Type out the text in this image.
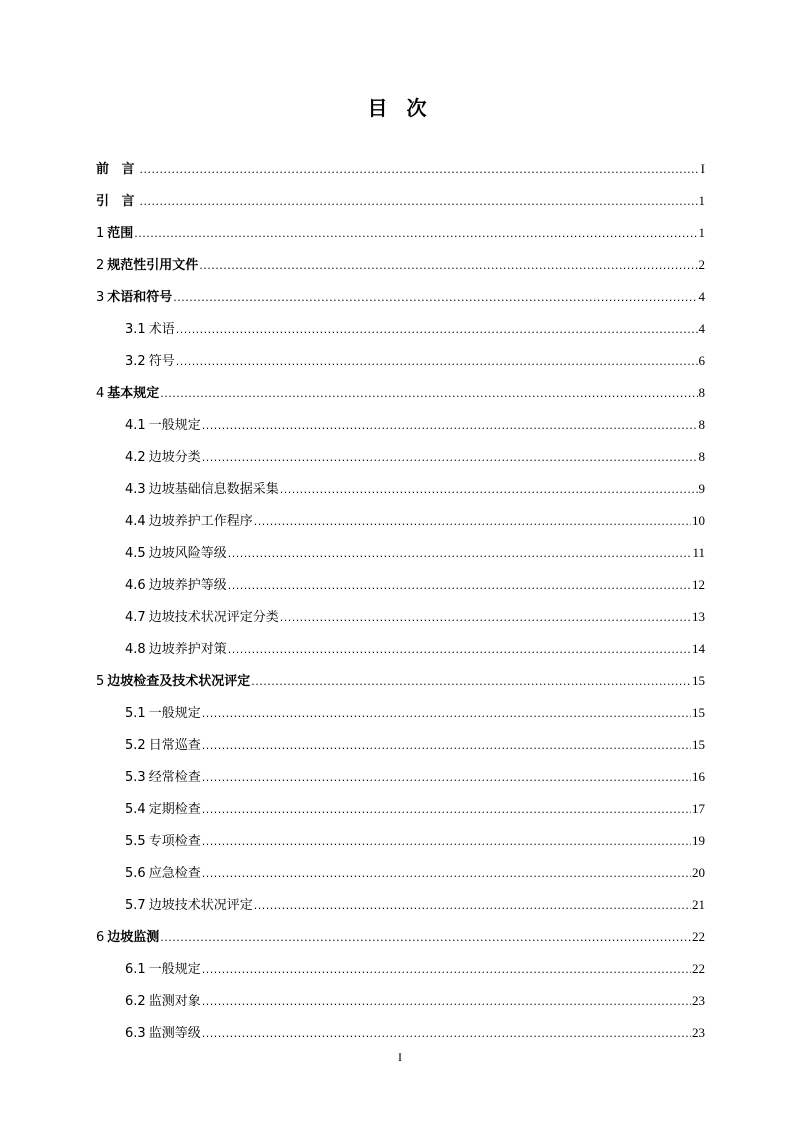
目 次
前 言 .....	I
引 言 .....	1
1 范围 .....	1
2 规范性引用文件 .....	2
3 术语和符号 .....	4
3.1 术语 .....	4
3.2 符号 .....	6
4 基本规定 .....	8
4.1 一般规定 .....	8
4.2 边坡分类 .....	8
4.3 边坡基础信息数据采集 .....	9
4.4 边坡养护工作程序 .....	10
4.5 边坡风险等级 .....	11
4.6 边坡养护等级 .....	12
4.7 边坡技术状况评定分类 .....	13
4.8 边坡养护对策 .....	14
5 边坡检查及技术状况评定 .....	15
5.1 一般规定 .....	15
5.2 日常巡查 .....	15
5.3 经常检查 .....	16
5.4 定期检查 .....	17
5.5 专项检查 .....	19
5.6 应急检查 .....	20
5.7 边坡技术状况评定 .....	21
6 边坡监测 .....	22
6.1 一般规定 .....	22
6.2 监测对象 .....	23
6.3 监测等级 .....	23
I
